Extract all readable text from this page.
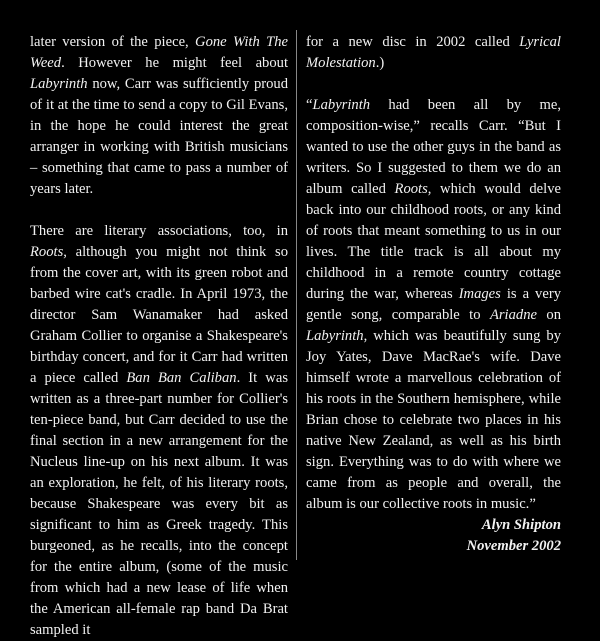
later version of the piece, Gone With The Weed. However he might feel about Labyrinth now, Carr was sufficiently proud of it at the time to send a copy to Gil Evans, in the hope he could interest the great arranger in working with British musicians – something that came to pass a number of years later.

There are literary associations, too, in Roots, although you might not think so from the cover art, with its green robot and barbed wire cat's cradle. In April 1973, the director Sam Wanamaker had asked Graham Collier to organise a Shakespeare's birthday concert, and for it Carr had written a piece called Ban Ban Caliban. It was written as a three-part number for Collier's ten-piece band, but Carr decided to use the final section in a new arrangement for the Nucleus line-up on his next album. It was an exploration, he felt, of his literary roots, because Shakespeare was every bit as significant to him as Greek tragedy. This burgeoned, as he recalls, into the concept for the entire album, (some of the music from which had a new lease of life when the American all-female rap band Da Brat sampled it

for a new disc in 2002 called Lyrical Molestation.)

“Labyrinth had been all by me, composition-wise,” recalls Carr. “But I wanted to use the other guys in the band as writers. So I suggested to them we do an album called Roots, which would delve back into our childhood roots, or any kind of roots that meant something to us in our lives. The title track is all about my childhood in a remote country cottage during the war, whereas Images is a very gentle song, comparable to Ariadne on Labyrinth, which was beautifully sung by Joy Yates, Dave MacRae's wife. Dave himself wrote a marvellous celebration of his roots in the Southern hemisphere, while Brian chose to celebrate two places in his native New Zealand, as well as his birth sign. Everything was to do with where we came from as people and overall, the album is our collective roots in music.”

Alyn Shipton
November 2002
